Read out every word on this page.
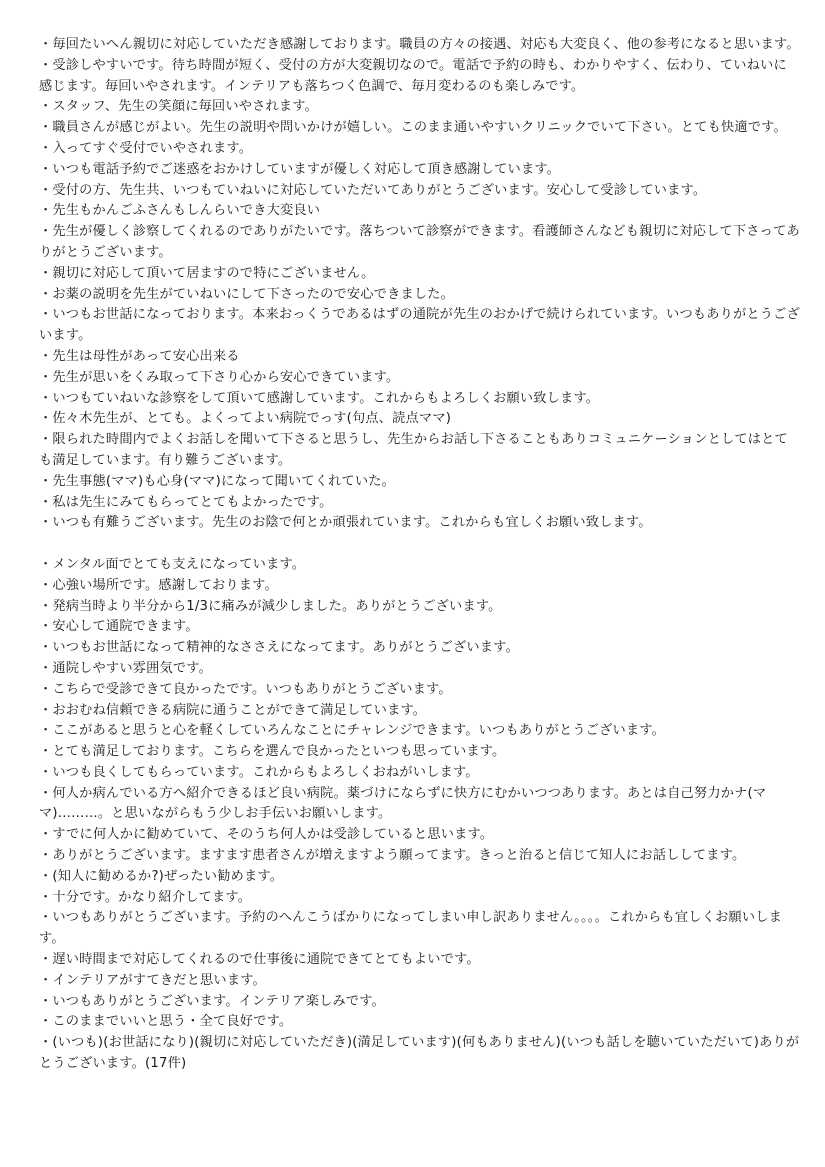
・毎回たいへん親切に対応していただき感謝しております。職員の方々の接遇、対応も大変良く、他の参考になると思います。

・受診しやすいです。待ち時間が短く、受付の方が大変親切なので。電話で予約の時も、わかりやすく、伝わり、ていねいに感じます。毎回いやされます。インテリアも落ちつく色調で、毎月変わるのも楽しみです。

・スタッフ、先生の笑顔に毎回いやされます。

・職員さんが感じがよい。先生の説明や問いかけが嬉しい。このまま通いやすいクリニックでいて下さい。とても快適です。

・入ってすぐ受付でいやされます。

・いつも電話予約でご迷惑をおかけしていますが優しく対応して頂き感謝しています。

・受付の方、先生共、いつもていねいに対応していただいてありがとうございます。安心して受診しています。

・先生もかんごふさんもしんらいでき大変良い

・先生が優しく診察してくれるのでありがたいです。落ちついて診察ができます。看護師さんなども親切に対応して下さってありがとうございます。

・親切に対応して頂いて居ますので特にございません。

・お薬の説明を先生がていねいにして下さったので安心できました。

・いつもお世話になっております。本来おっくうであるはずの通院が先生のおかげで続けられています。いつもありがとうございます。

・先生は母性があって安心出来る

・先生が思いをくみ取って下さり心から安心できています。

・いつもていねいな診察をして頂いて感謝しています。これからもよろしくお願い致します。

・佐々木先生が、とても。よくってよい病院でっす(句点、読点ママ)

・限られた時間内でよくお話しを聞いて下さると思うし、先生からお話し下さることもありコミュニケーションとしてはとても満足しています。有り難うございます。

・先生事態(ママ)も心身(ママ)になって聞いてくれていた。

・私は先生にみてもらってとてもよかったです。

・いつも有難うございます。先生のお陰で何とか頑張れています。これからも宜しくお願い致します。

・メンタル面でとても支えになっています。

・心強い場所です。感謝しております。

・発病当時より半分から1/3に痛みが減少しました。ありがとうございます。

・安心して通院できます。

・いつもお世話になって精神的なささえになってます。ありがとうございます。

・通院しやすい雰囲気です。

・こちらで受診できて良かったです。いつもありがとうございます。

・おおむね信頼できる病院に通うことができて満足しています。

・ここがあると思うと心を軽くしていろんなことにチャレンジできます。いつもありがとうございます。

・とても満足しております。こちらを選んで良かったといつも思っています。

・いつも良くしてもらっています。これからもよろしくおねがいします。

・何人か病んでいる方へ紹介できるほど良い病院。薬づけにならずに快方にむかいつつあります。あとは自己努力かナ(ママ)………。と思いながらもう少しお手伝いお願いします。

・すでに何人かに勧めていて、そのうち何人かは受診していると思います。

・ありがとうございます。ますます患者さんが増えますよう願ってます。きっと治ると信じて知人にお話ししてます。

・(知人に勧めるか?)ぜったい勧めます。

・十分です。かなり紹介してます。

・いつもありがとうございます。予約のへんこうばかりになってしまい申し訳ありません。。。。これからも宜しくお願いします。

・遅い時間まで対応してくれるので仕事後に通院できてとてもよいです。

・インテリアがすてきだと思います。

・いつもありがとうございます。インテリア楽しみです。

・このままでいいと思う・全て良好です。

・(いつも)(お世話になり)(親切に対応していただき)(満足しています)(何もありません)(いつも話しを聴いていただいて)ありがとうございます。(17件)
